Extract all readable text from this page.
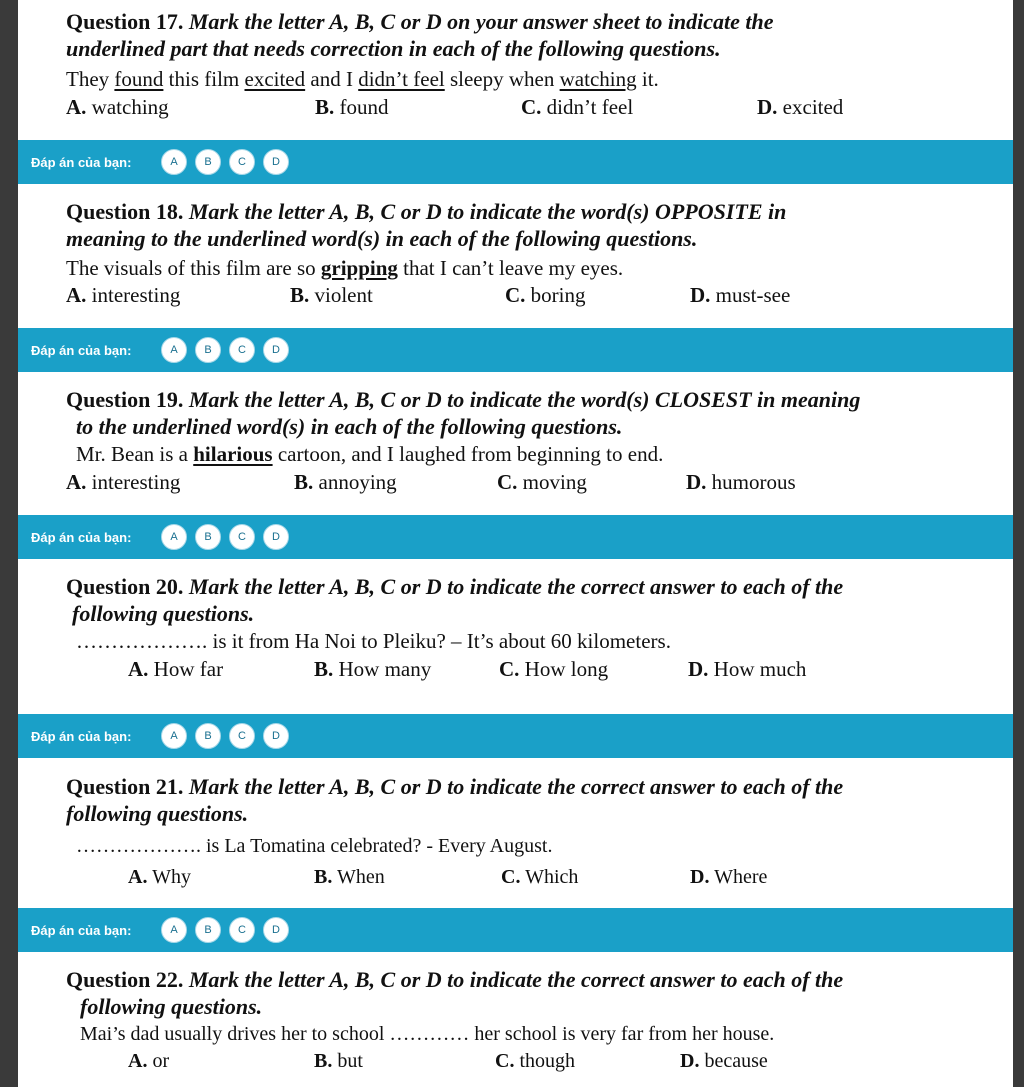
Question 17. Mark the letter A, B, C or D on your answer sheet to indicate the
underlined part that needs correction in each of the following questions.
They found this film excited and I didn’t feel sleepy when watching it.
A. watching	B. found	C. didn’t feel	D. excited
Đáp án của bạn:	A	B	C	D
Question 18. Mark the letter A, B, C or D to indicate the word(s) OPPOSITE in
meaning to the underlined word(s) in each of the following questions.
The visuals of this film are so gripping that I can’t leave my eyes.
A. interesting	B. violent	C. boring	D. must-see
Đáp án của bạn:	A	B	C	D
Question 19. Mark the letter A, B, C or D to indicate the word(s) CLOSEST in meaning
to the underlined word(s) in each of the following questions.
Mr. Bean is a hilarious cartoon, and I laughed from beginning to end.
A. interesting	B. annoying	C. moving	D. humorous
Đáp án của bạn:	A	B	C	D
Question 20. Mark the letter A, B, C or D to indicate the correct answer to each of the
following questions.
………………. is it from Ha Noi to Pleiku? – It’s about 60 kilometers.
A. How far	B. How many	C. How long	D. How much
Đáp án của bạn:	A	B	C	D
Question 21. Mark the letter A, B, C or D to indicate the correct answer to each of the
following questions.
………………. is La Tomatina celebrated? - Every August.
A. Why	B. When	C. Which	D. Where
Đáp án của bạn:	A	B	C	D
Question 22. Mark the letter A, B, C or D to indicate the correct answer to each of the
following questions.
Mai’s dad usually drives her to school ………… her school is very far from her house.
A. or	B. but	C. though	D. because
